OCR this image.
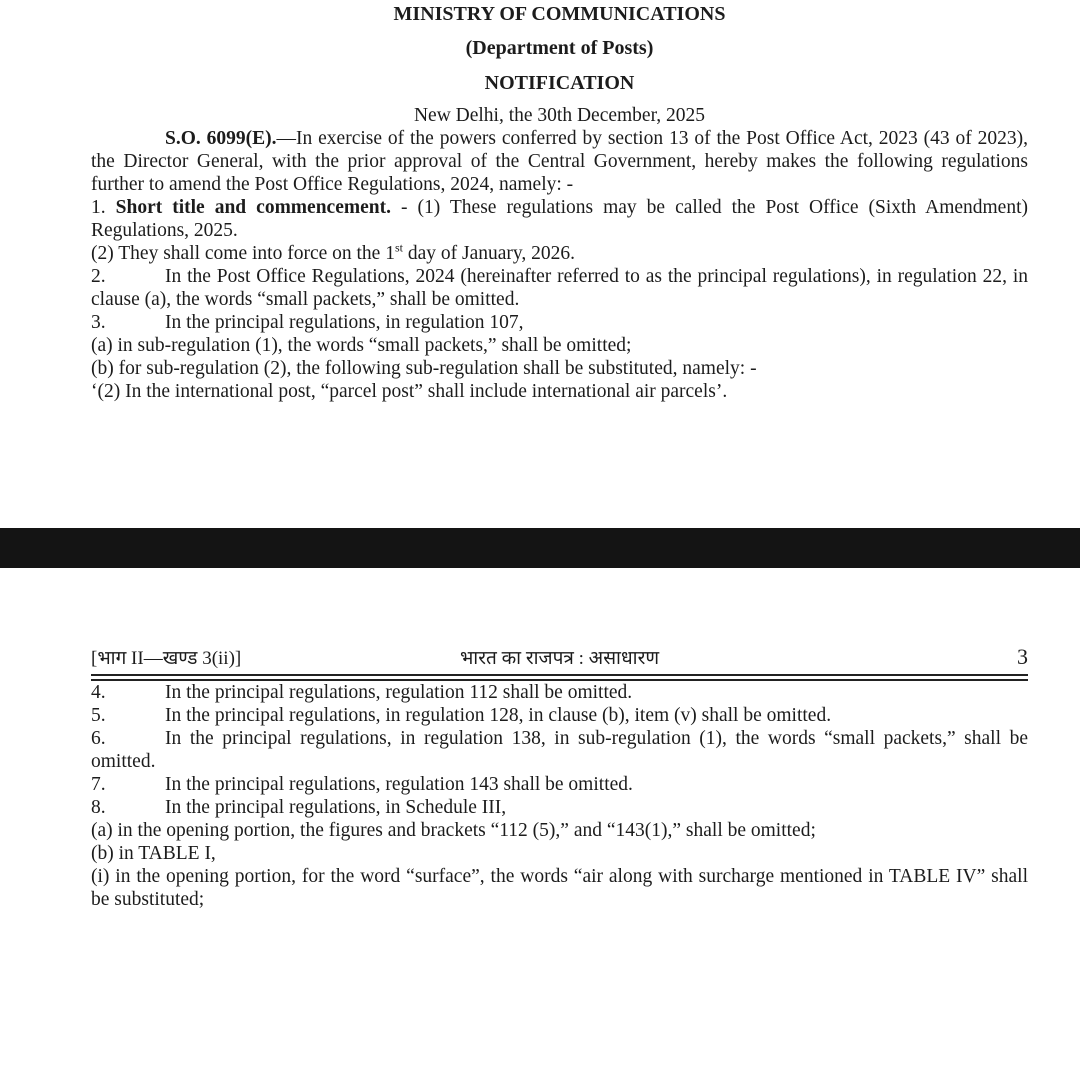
MINISTRY OF COMMUNICATIONS
(Department of Posts)
NOTIFICATION
New Delhi, the 30th December, 2025

S.O. 6099(E).—In exercise of the powers conferred by section 13 of the Post Office Act, 2023 (43 of 2023), the Director General, with the prior approval of the Central Government, hereby makes the following regulations further to amend the Post Office Regulations, 2024, namely: -

1. Short title and commencement. - (1) These regulations may be called the Post Office (Sixth Amendment) Regulations, 2025.

(2) They shall come into force on the 1st day of January, 2026.

2.	In the Post Office Regulations, 2024 (hereinafter referred to as the principal regulations), in regulation 22, in clause (a), the words “small packets,” shall be omitted.

3.	In the principal regulations, in regulation 107,

(a) in sub-regulation (1), the words “small packets,” shall be omitted;

(b) for sub-regulation (2), the following sub-regulation shall be substituted, namely: -

‘(2) In the international post, “parcel post” shall include international air parcels’.

[भाग II—खण्ड 3(ii)]	भारत का राजपत्र : असाधारण	3

4.	In the principal regulations, regulation 112 shall be omitted.

5.	In the principal regulations, in regulation 128, in clause (b), item (v) shall be omitted.

6.	In the principal regulations, in regulation 138, in sub-regulation (1), the words “small packets,” shall be omitted.

7.	In the principal regulations, regulation 143 shall be omitted.

8.	In the principal regulations, in Schedule III,

(a) in the opening portion, the figures and brackets “112 (5),” and “143(1),” shall be omitted;

(b) in TABLE I,

(i) in the opening portion, for the word “surface”, the words “air along with surcharge mentioned in TABLE IV” shall be substituted;
